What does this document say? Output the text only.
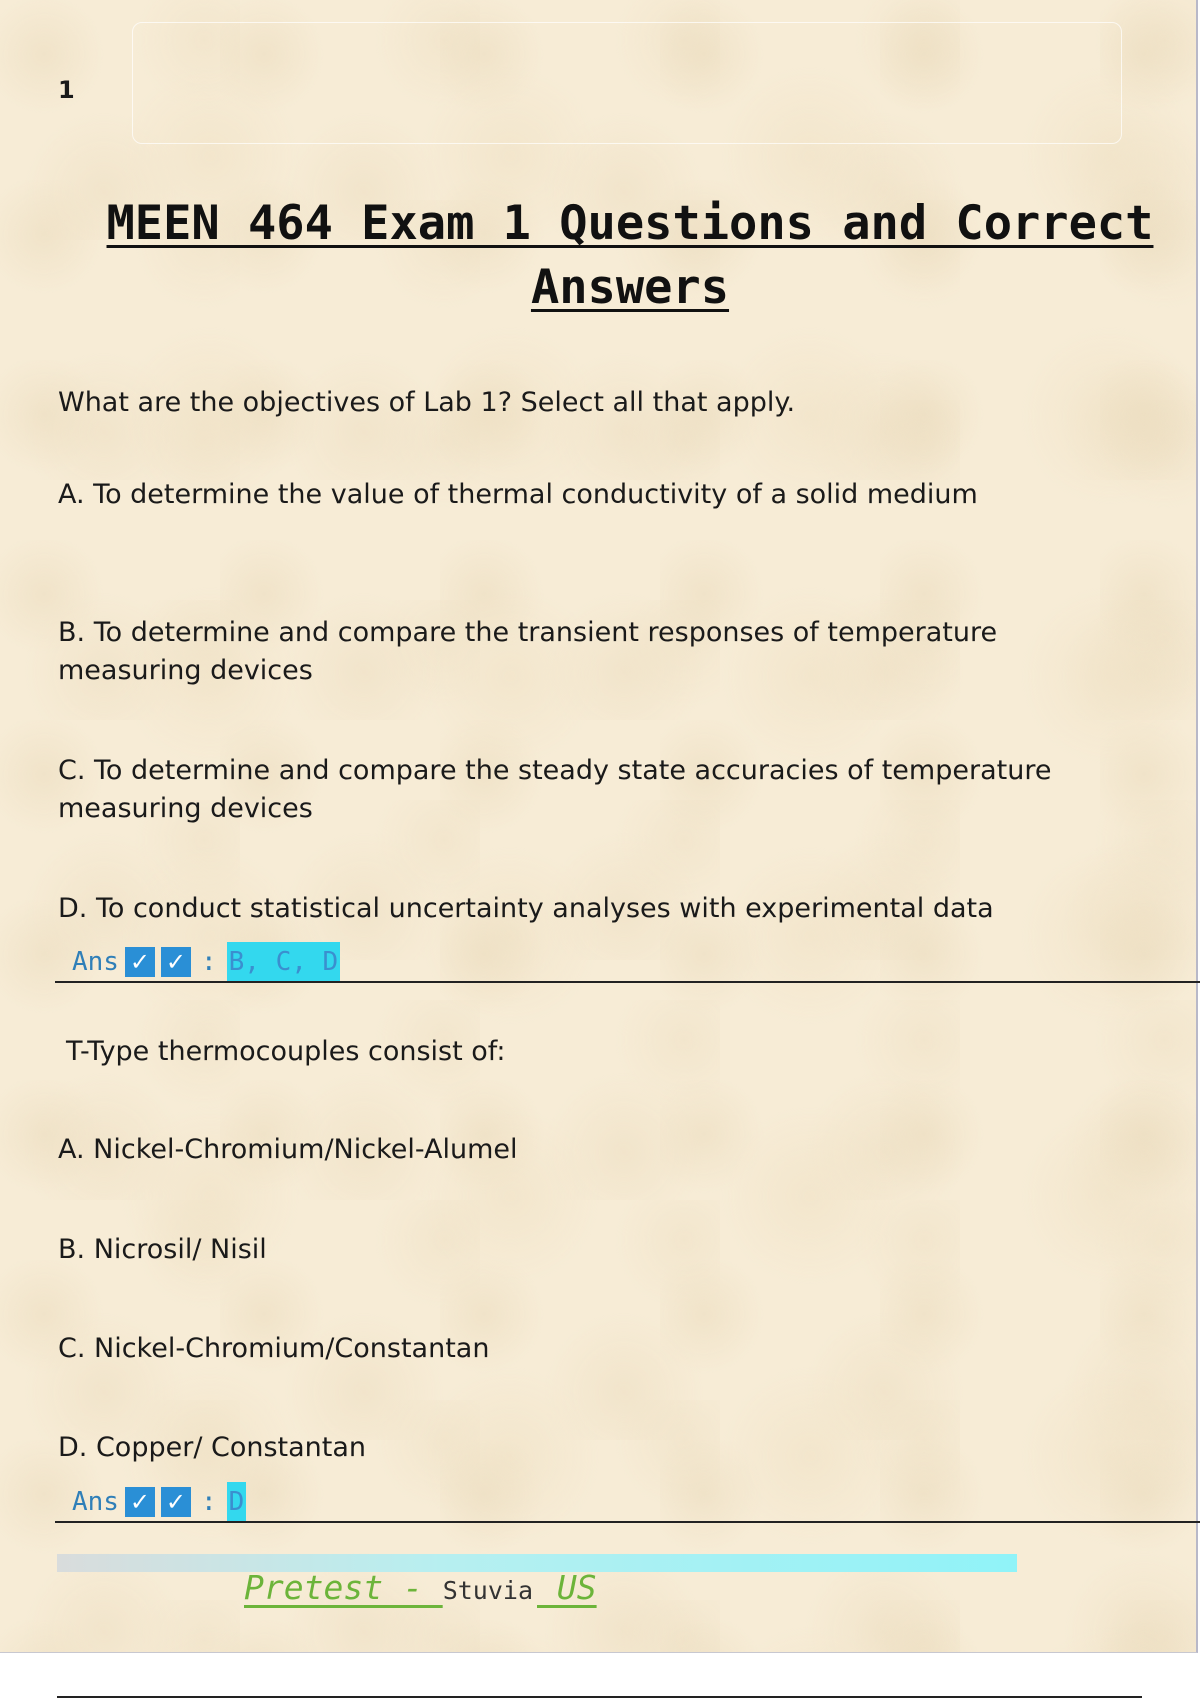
1
MEEN 464 Exam 1 Questions and Correct Answers
What are the objectives of Lab 1? Select all that apply.
A. To determine the value of thermal conductivity of a solid medium
B. To determine and compare the transient responses of temperature measuring devices
C. To determine and compare the steady state accuracies of temperature measuring devices
D. To conduct statistical uncertainty analyses with experimental data
Ans ✓ ✓ : B, C, D
T-Type thermocouples consist of:
A. Nickel-Chromium/Nickel-Alumel
B. Nicrosil/ Nisil
C. Nickel-Chromium/Constantan
D. Copper/ Constantan
Ans ✓ ✓ : D
Pretest - Stuvia US
